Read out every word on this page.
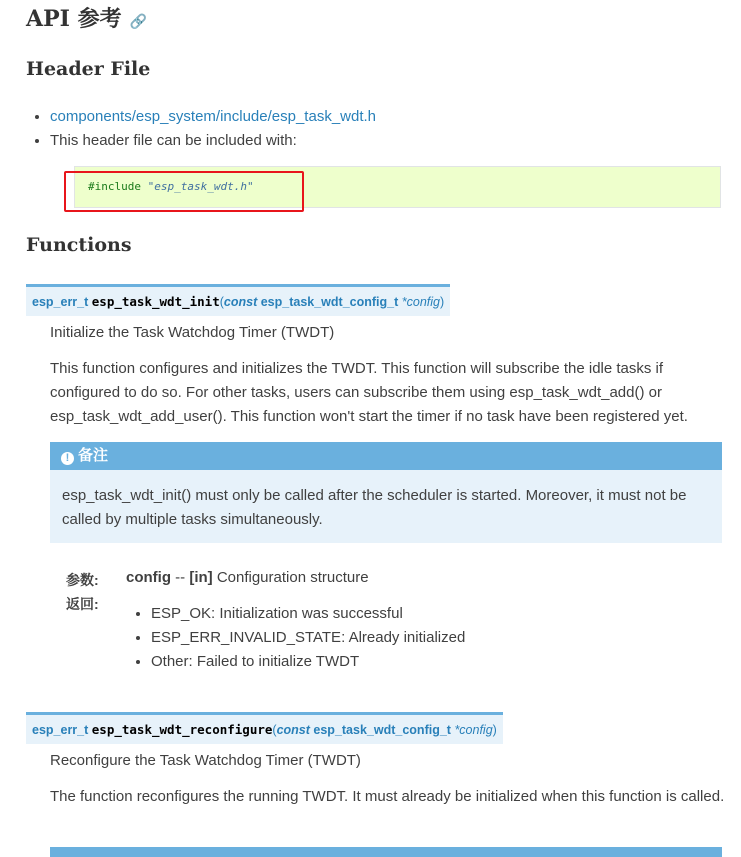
API 参考 🔗
Header File
• components/esp_system/include/esp_task_wdt.h
• This header file can be included with:
#include "esp_task_wdt.h"
Functions
esp_err_t esp_task_wdt_init(const esp_task_wdt_config_t *config)

Initialize the Task Watchdog Timer (TWDT)

This function configures and initializes the TWDT. This function will subscribe the idle tasks if configured to do so. For other tasks, users can subscribe them using esp_task_wdt_add() or esp_task_wdt_add_user(). This function won't start the timer if no task have been registered yet.

! 备注
esp_task_wdt_init() must only be called after the scheduler is started. Moreover, it must not be called by multiple tasks simultaneously.
参数: config -- [in] Configuration structure
返回:
• ESP_OK: Initialization was successful
• ESP_ERR_INVALID_STATE: Already initialized
• Other: Failed to initialize TWDT
esp_err_t esp_task_wdt_reconfigure(const esp_task_wdt_config_t *config)

Reconfigure the Task Watchdog Timer (TWDT)

The function reconfigures the running TWDT. It must already be initialized when this function is called.
